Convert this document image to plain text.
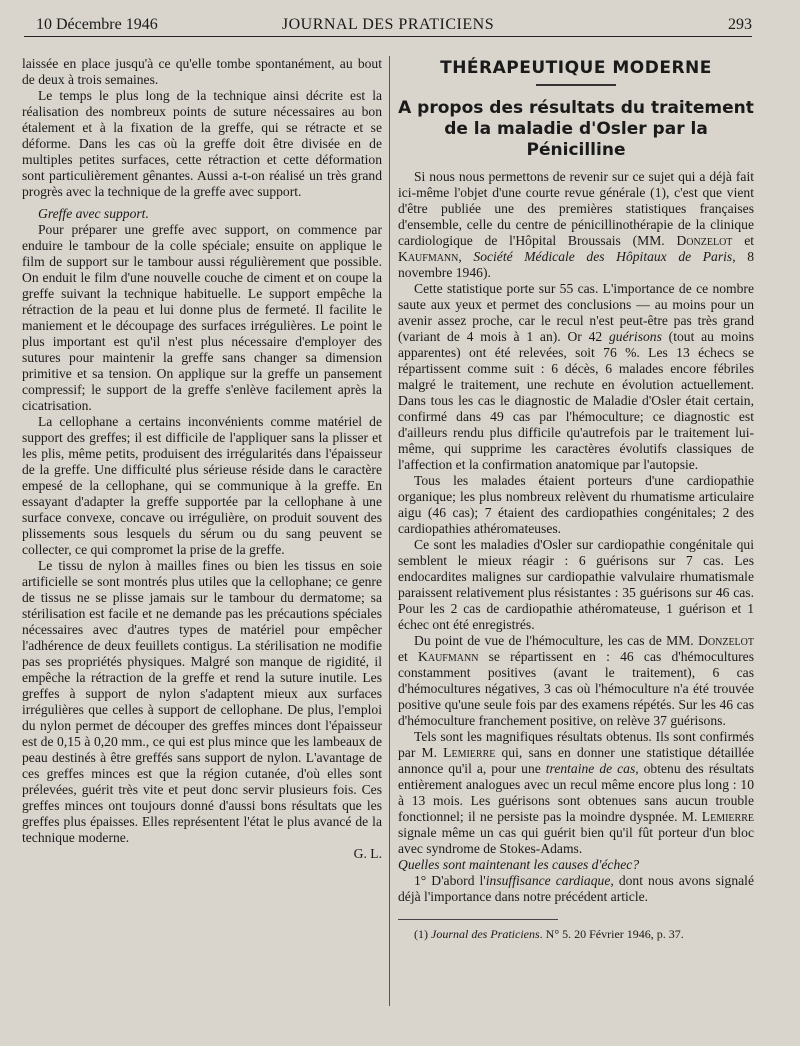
10 Décembre 1946	JOURNAL DES PRATICIENS	293

laissée en place jusqu'à ce qu'elle tombe spontanément, au bout de deux à trois semaines.

Le temps le plus long de la technique ainsi décrite est la réalisation des nombreux points de suture nécessaires au bon étalement et à la fixation de la greffe, qui se rétracte et se déforme. Dans les cas où la greffe doit être divisée en de multiples petites surfaces, cette rétraction et cette déformation sont particulièrement gênantes. Aussi a-t-on réalisé un très grand progrès avec la technique de la greffe avec support.

Greffe avec support.

Pour préparer une greffe avec support, on commence par enduire le tambour de la colle spéciale; ensuite on applique le film de support sur le tambour aussi régulièrement que possible. On enduit le film d'une nouvelle couche de ciment et on coupe la greffe suivant la technique habituelle. Le support empêche la rétraction de la peau et lui donne plus de fermeté. Il facilite le maniement et le découpage des surfaces irrégulières. Le point le plus important est qu'il n'est plus nécessaire d'employer des sutures pour maintenir la greffe sans changer sa dimension primitive et sa tension. On applique sur la greffe un pansement compressif; le support de la greffe s'enlève facilement après la cicatrisation.

La cellophane a certains inconvénients comme matériel de support des greffes; il est difficile de l'appliquer sans la plisser et les plis, même petits, produisent des irrégularités dans l'épaisseur de la greffe. Une difficulté plus sérieuse réside dans le caractère empesé de la cellophane, qui se communique à la greffe. En essayant d'adapter la greffe supportée par la cellophane à une surface convexe, concave ou irrégulière, on produit souvent des plissements sous lesquels du sérum ou du sang peuvent se collecter, ce qui compromet la prise de la greffe.

Le tissu de nylon à mailles fines ou bien les tissus en soie artificielle se sont montrés plus utiles que la cellophane; ce genre de tissus ne se plisse jamais sur le tambour du dermatome; sa stérilisation est facile et ne demande pas les précautions spéciales nécessaires avec d'autres types de matériel pour empêcher l'adhérence de deux feuillets contigus. La stérilisation ne modifie pas ses propriétés physiques. Malgré son manque de rigidité, il empêche la rétraction de la greffe et rend la suture inutile. Les greffes à support de nylon s'adaptent mieux aux surfaces irrégulières que celles à support de cellophane. De plus, l'emploi du nylon permet de découper des greffes minces dont l'épaisseur est de 0,15 à 0,20 mm., ce qui est plus mince que les lambeaux de peau destinés à être greffés sans support de nylon. L'avantage de ces greffes minces est que la région cutanée, d'où elles sont prélevées, guérit très vite et peut donc servir plusieurs fois. Ces greffes minces ont toujours donné d'aussi bons résultats que les greffes plus épaisses. Elles représentent l'état le plus avancé de la technique moderne.

G. L.

THÉRAPEUTIQUE MODERNE
A propos des résultats du traitement de la maladie d'Osler par la Pénicilline

Si nous nous permettons de revenir sur ce sujet qui a déjà fait ici-même l'objet d'une courte revue générale (1), c'est que vient d'être publiée une des premières statistiques françaises d'ensemble, celle du centre de pénicillinothérapie de la clinique cardiologique de l'Hôpital Broussais (MM. Donzelot et Kaufmann, Société Médicale des Hôpitaux de Paris, 8 novembre 1946).

Cette statistique porte sur 55 cas. L'importance de ce nombre saute aux yeux et permet des conclusions — au moins pour un avenir assez proche, car le recul n'est peut-être pas très grand (variant de 4 mois à 1 an). Or 42 guérisons (tout au moins apparentes) ont été relevées, soit 76 %. Les 13 échecs se répartissent comme suit : 6 décès, 6 malades encore fébriles malgré le traitement, une rechute en évolution actuellement. Dans tous les cas le diagnostic de Maladie d'Osler était certain, confirmé dans 49 cas par l'hémoculture; ce diagnostic est d'ailleurs rendu plus difficile qu'autrefois par le traitement lui-même, qui supprime les caractères évolutifs classiques de l'affection et la confirmation anatomique par l'autopsie.

Tous les malades étaient porteurs d'une cardiopathie organique; les plus nombreux relèvent du rhumatisme articulaire aigu (46 cas); 7 étaient des cardiopathies congénitales; 2 des cardiopathies athéromateuses.

Ce sont les maladies d'Osler sur cardiopathie congénitale qui semblent le mieux réagir : 6 guérisons sur 7 cas. Les endocardites malignes sur cardiopathie valvulaire rhumatismale paraissent relativement plus résistantes : 35 guérisons sur 46 cas. Pour les 2 cas de cardiopathie athéromateuse, 1 guérison et 1 échec ont été enregistrés.

Du point de vue de l'hémoculture, les cas de MM. Donzelot et Kaufmann se répartissent en : 46 cas d'hémocultures constamment positives (avant le traitement), 6 cas d'hémocultures négatives, 3 cas où l'hémoculture n'a été trouvée positive qu'une seule fois par des examens répétés. Sur les 46 cas d'hémoculture franchement positive, on relève 37 guérisons.

Tels sont les magnifiques résultats obtenus. Ils sont confirmés par M. Lemierre qui, sans en donner une statistique détaillée annonce qu'il a, pour une trentaine de cas, obtenu des résultats entièrement analogues avec un recul même encore plus long : 10 à 13 mois. Les guérisons sont obtenues sans aucun trouble fonctionnel; il ne persiste pas la moindre dyspnée. M. Lemierre signale même un cas qui guérit bien qu'il fût porteur d'un bloc avec syndrome de Stokes-Adams.

Quelles sont maintenant les causes d'échec?

1° D'abord l'insuffisance cardiaque, dont nous avons signalé déjà l'importance dans notre précédent article.

(1) Journal des Praticiens. N° 5. 20 Février 1946, p. 37.
